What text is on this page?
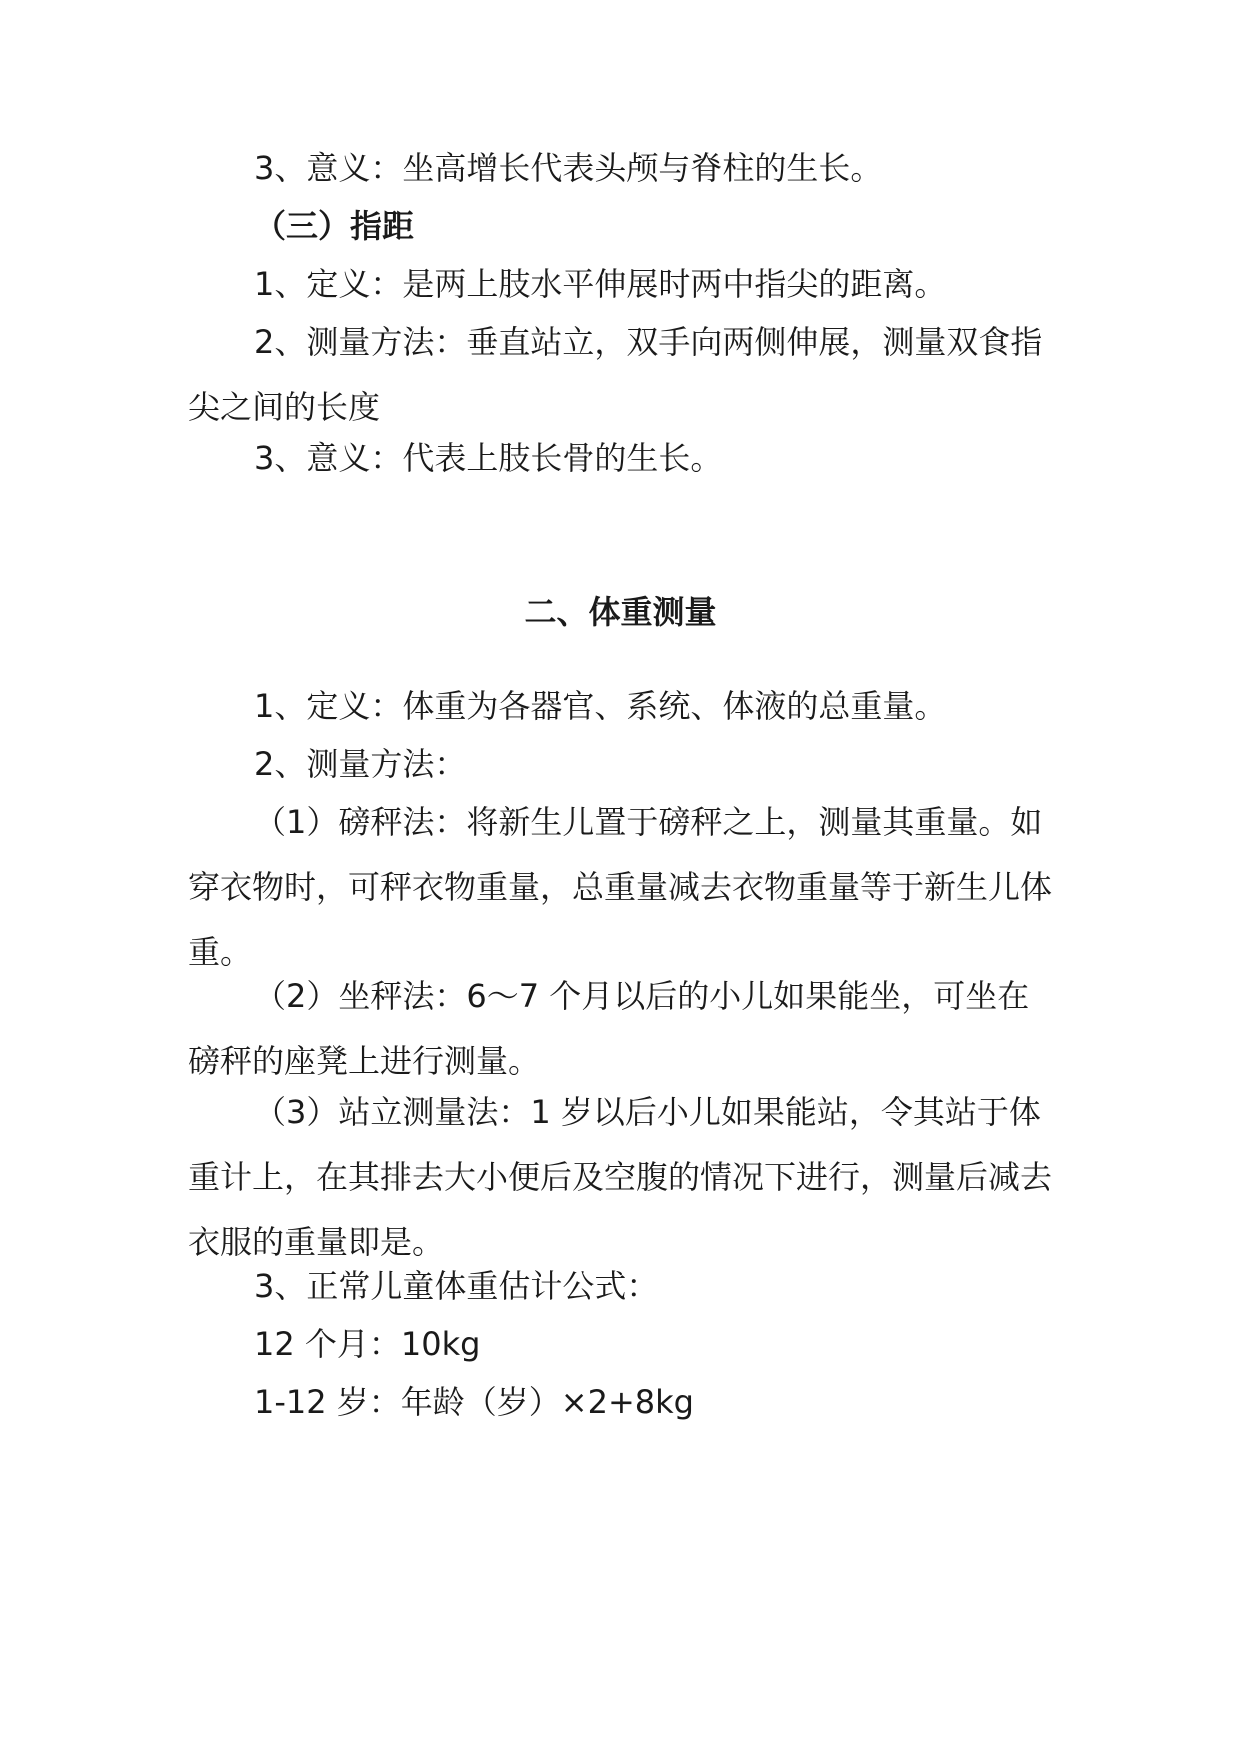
3、意义：坐高增长代表头颅与脊柱的生长。

（三）指距

1、定义：是两上肢水平伸展时两中指尖的距离。

2、测量方法：垂直站立，双手向两侧伸展，测量双食指尖之间的长度

3、意义：代表上肢长骨的生长。

二、体重测量

1、定义：体重为各器官、系统、体液的总重量。

2、测量方法：

（1）磅秤法：将新生儿置于磅秤之上，测量其重量。如穿衣物时，可秤衣物重量，总重量减去衣物重量等于新生儿体重。

（2）坐秤法：6～7 个月以后的小儿如果能坐，可坐在磅秤的座凳上进行测量。

（3）站立测量法：1 岁以后小儿如果能站，令其站于体重计上，在其排去大小便后及空腹的情况下进行，测量后减去衣服的重量即是。

3、正常儿童体重估计公式：

12 个月：10kg

1-12 岁：年龄（岁）×2+8kg
